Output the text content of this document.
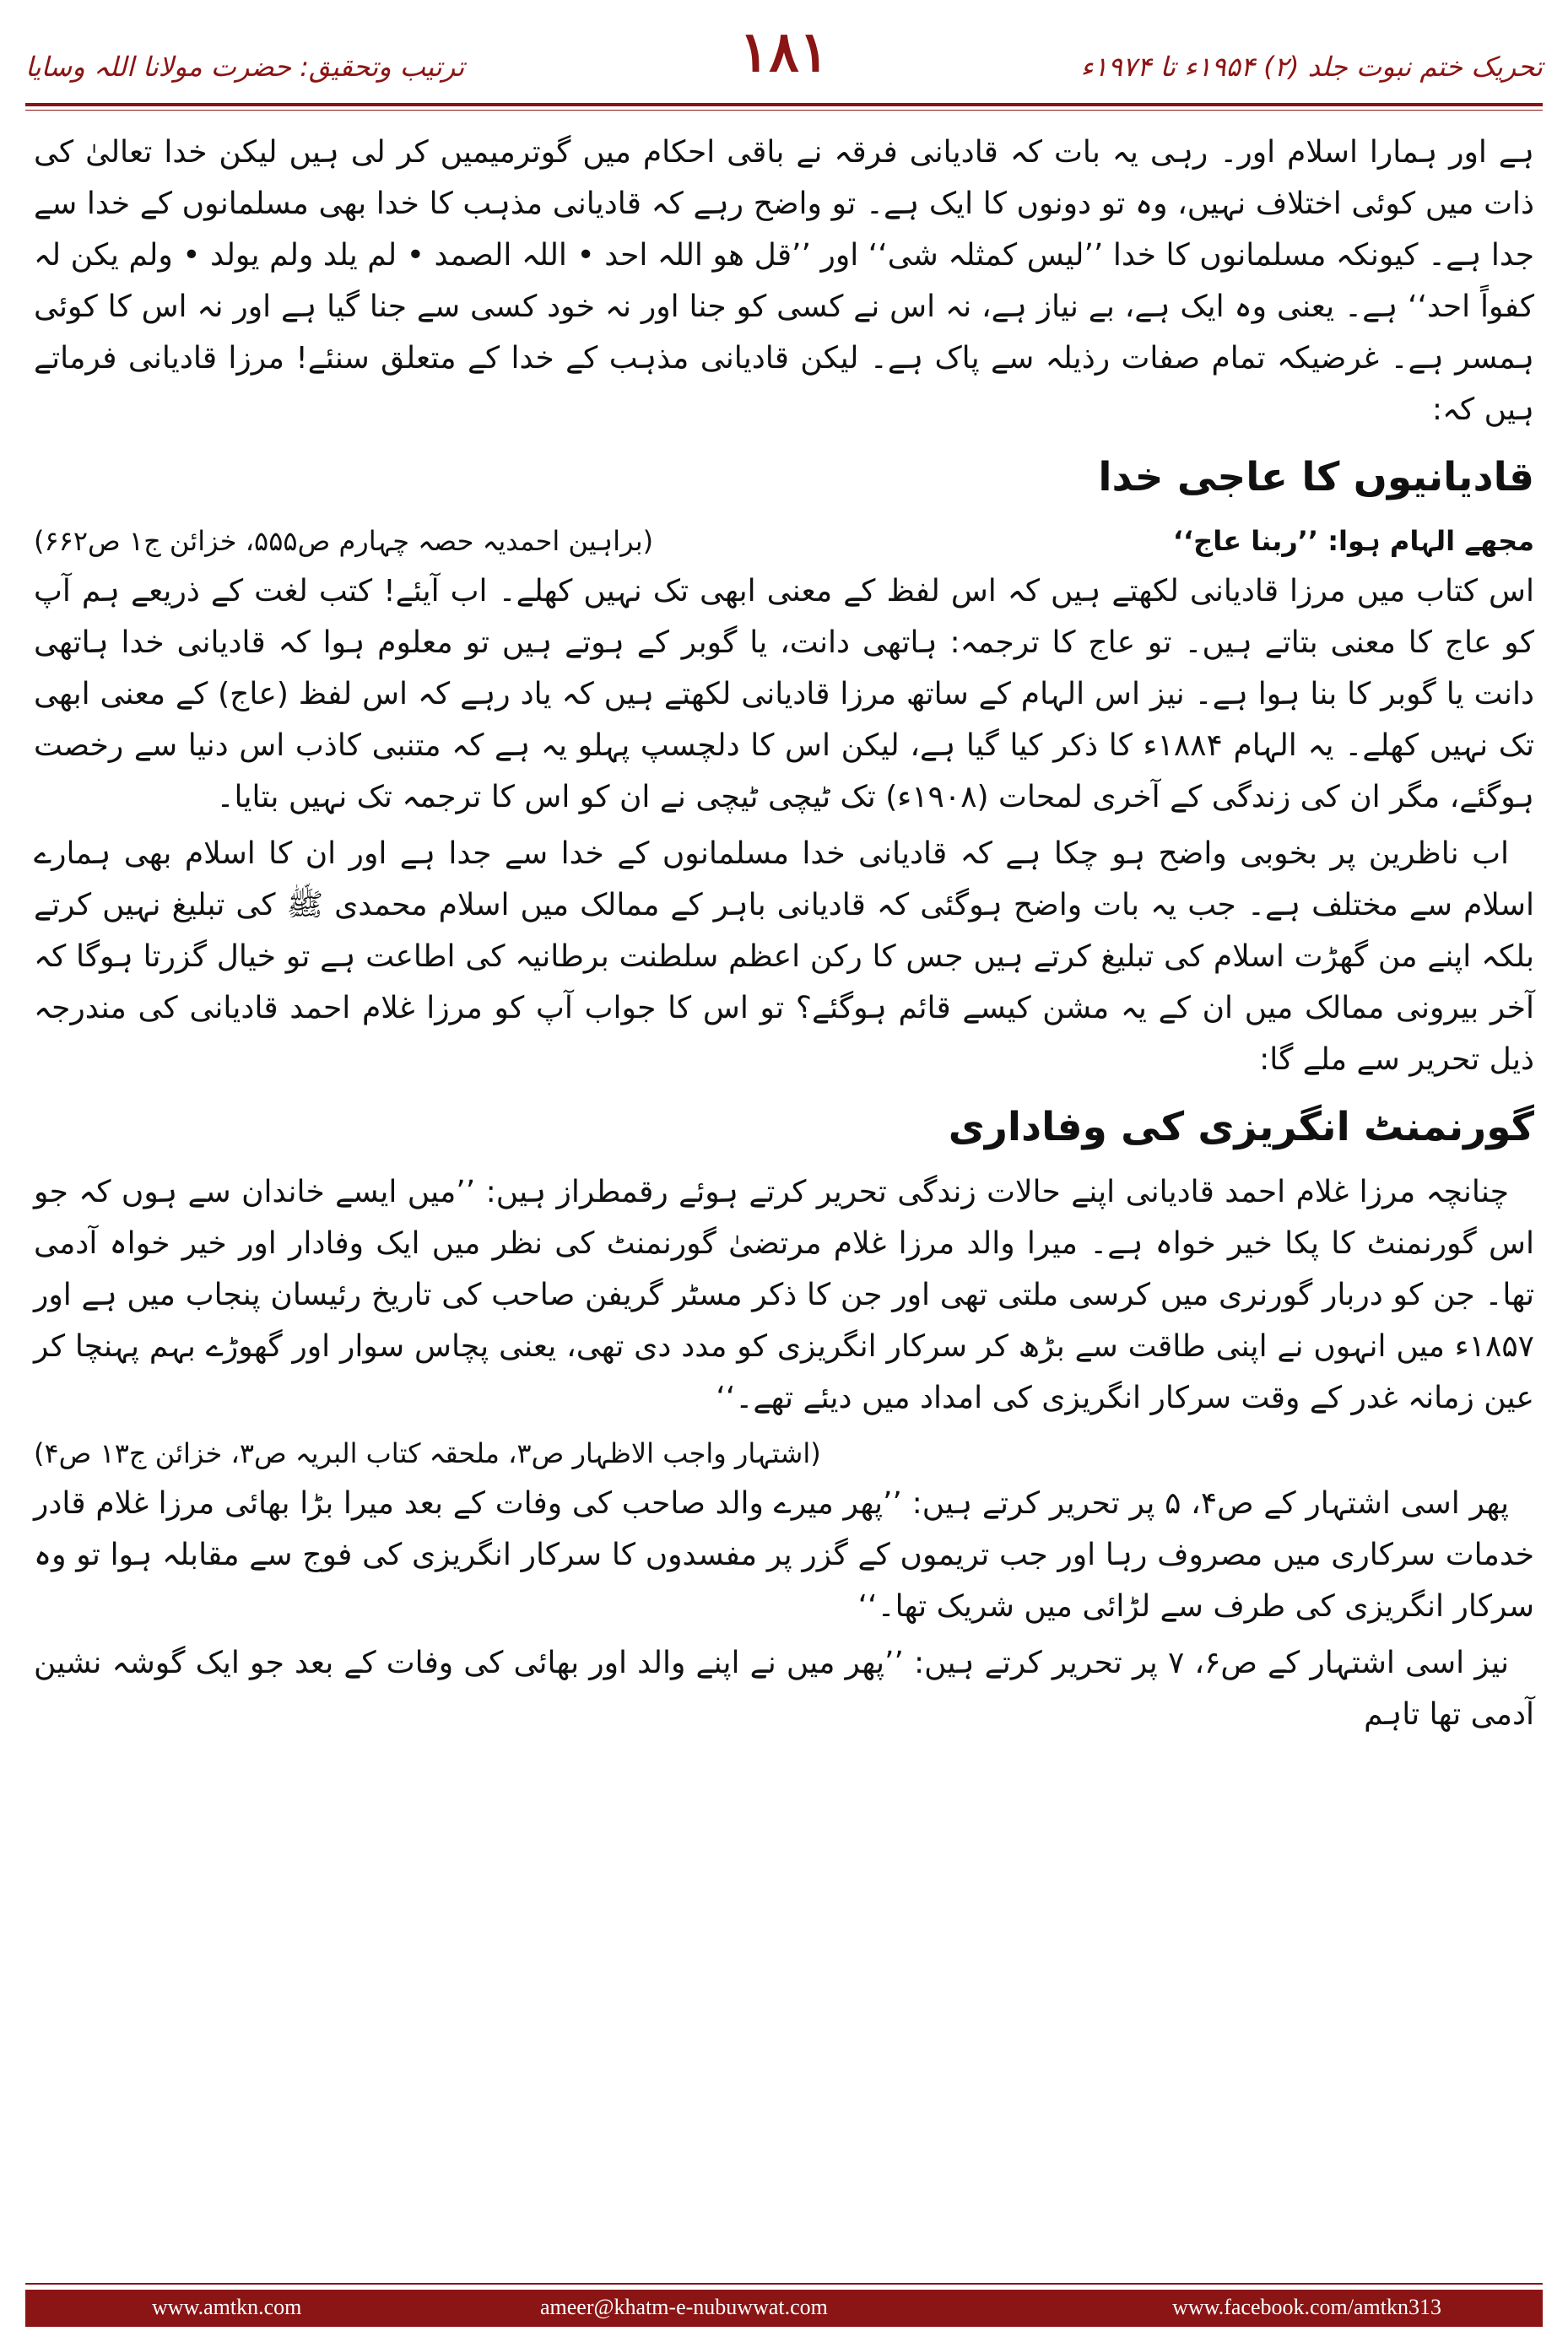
تحریک ختم نبوت جلد (۲) ۱۹۵۴ء تا ۱۹۷۴ء
۱۸۱
ترتیب وتحقیق: حضرت مولانا اللہ وسایا

ہے اور ہمارا اسلام اور۔ رہی یہ بات کہ قادیانی فرقہ نے باقی احکام میں گوترمیمیں کر لی ہیں لیکن خدا تعالیٰ کی ذات میں کوئی اختلاف نہیں، وہ تو دونوں کا ایک ہے۔ تو واضح رہے کہ قادیانی مذہب کا خدا بھی مسلمانوں کے خدا سے جدا ہے۔ کیونکہ مسلمانوں کا خدا ’’لیس کمثلہ شی‘‘ اور ’’قل ھو اللہ احد • اللہ الصمد • لم یلد ولم یولد • ولم یکن لہ کفواً احد‘‘ ہے۔ یعنی وہ ایک ہے، بے نیاز ہے، نہ اس نے کسی کو جنا اور نہ خود کسی سے جنا گیا ہے اور نہ اس کا کوئی ہمسر ہے۔ غرضیکہ تمام صفات رذیلہ سے پاک ہے۔ لیکن قادیانی مذہب کے خدا کے متعلق سنئے! مرزا قادیانی فرماتے ہیں کہ:

قادیانیوں کا عاجی خدا
مجھے الہام ہوا: ’’ربنا عاج‘‘
(براہین احمدیہ حصہ چہارم ص۵۵۵، خزائن ج۱ ص۶۶۲)

اس کتاب میں مرزا قادیانی لکھتے ہیں کہ اس لفظ کے معنی ابھی تک نہیں کھلے۔ اب آیئے! کتب لغت کے ذریعے ہم آپ کو عاج کا معنی بتاتے ہیں۔ تو عاج کا ترجمہ: ہاتھی دانت، یا گوبر کے ہوتے ہیں تو معلوم ہوا کہ قادیانی خدا ہاتھی دانت یا گوبر کا بنا ہوا ہے۔ نیز اس الہام کے ساتھ مرزا قادیانی لکھتے ہیں کہ یاد رہے کہ اس لفظ (عاج) کے معنی ابھی تک نہیں کھلے۔ یہ الہام ۱۸۸۴ء کا ذکر کیا گیا ہے، لیکن اس کا دلچسپ پہلو یہ ہے کہ متنبی کاذب اس دنیا سے رخصت ہوگئے، مگر ان کی زندگی کے آخری لمحات (۱۹۰۸ء) تک ٹیچی ٹیچی نے ان کو اس کا ترجمہ تک نہیں بتایا۔

اب ناظرین پر بخوبی واضح ہو چکا ہے کہ قادیانی خدا مسلمانوں کے خدا سے جدا ہے اور ان کا اسلام بھی ہمارے اسلام سے مختلف ہے۔ جب یہ بات واضح ہوگئی کہ قادیانی باہر کے ممالک میں اسلام محمدی ﷺ کی تبلیغ نہیں کرتے بلکہ اپنے من گھڑت اسلام کی تبلیغ کرتے ہیں جس کا رکن اعظم سلطنت برطانیہ کی اطاعت ہے تو خیال گزرتا ہوگا کہ آخر بیرونی ممالک میں ان کے یہ مشن کیسے قائم ہوگئے؟ تو اس کا جواب آپ کو مرزا غلام احمد قادیانی کی مندرجہ ذیل تحریر سے ملے گا:

گورنمنٹ انگریزی کی وفاداری

چنانچہ مرزا غلام احمد قادیانی اپنے حالات زندگی تحریر کرتے ہوئے رقمطراز ہیں: ’’میں ایسے خاندان سے ہوں کہ جو اس گورنمنٹ کا پکا خیر خواہ ہے۔ میرا والد مرزا غلام مرتضیٰ گورنمنٹ کی نظر میں ایک وفادار اور خیر خواہ آدمی تھا۔ جن کو دربار گورنری میں کرسی ملتی تھی اور جن کا ذکر مسٹر گریفن صاحب کی تاریخ رئیسان پنجاب میں ہے اور ۱۸۵۷ء میں انہوں نے اپنی طاقت سے بڑھ کر سرکار انگریزی کو مدد دی تھی، یعنی پچاس سوار اور گھوڑے بہم پہنچا کر عین زمانہ غدر کے وقت سرکار انگریزی کی امداد میں دیئے تھے۔‘‘

(اشتہار واجب الاظہار ص۳، ملحقہ کتاب البریہ ص۳، خزائن ج۱۳ ص۴)

پھر اسی اشتہار کے ص۴، ۵ پر تحریر کرتے ہیں: ’’پھر میرے والد صاحب کی وفات کے بعد میرا بڑا بھائی مرزا غلام قادر خدمات سرکاری میں مصروف رہا اور جب تریموں کے گزر پر مفسدوں کا سرکار انگریزی کی فوج سے مقابلہ ہوا تو وہ سرکار انگریزی کی طرف سے لڑائی میں شریک تھا۔‘‘

نیز اسی اشتہار کے ص۶، ۷ پر تحریر کرتے ہیں: ’’پھر میں نے اپنے والد اور بھائی کی وفات کے بعد جو ایک گوشہ نشین آدمی تھا تاہم

www.amtkn.com	ameer@khatm-e-nubuwwat.com	www.facebook.com/amtkn313
